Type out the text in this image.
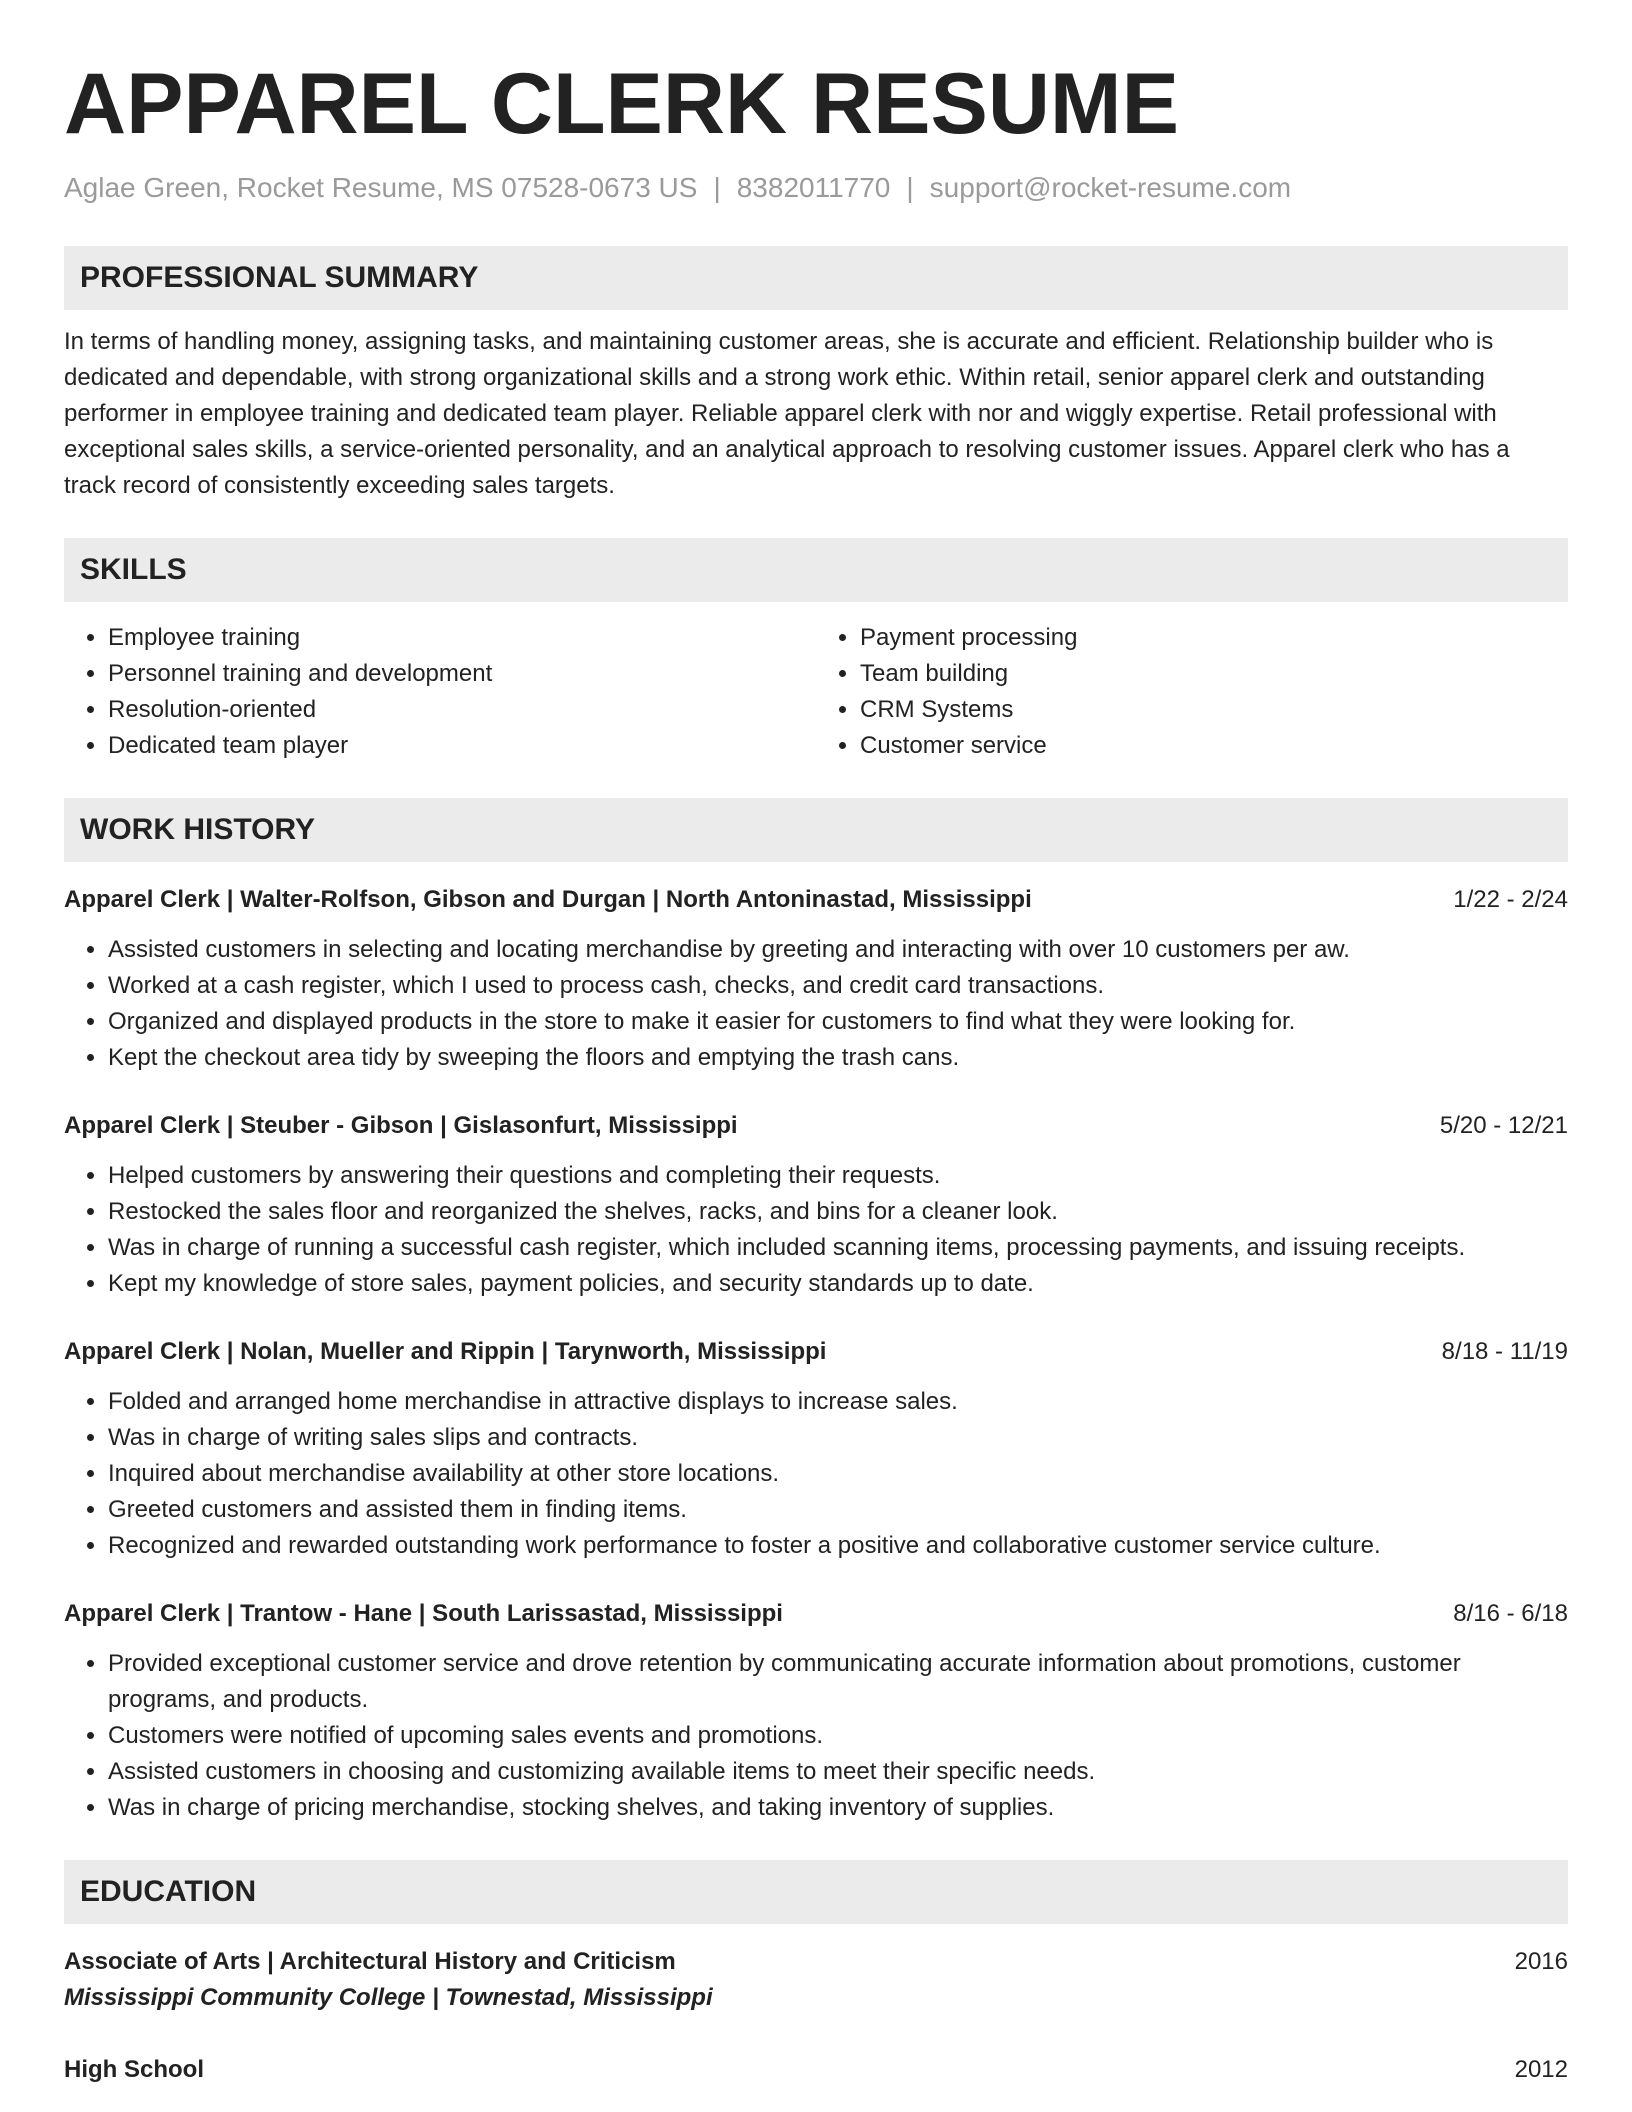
APPAREL CLERK RESUME
Aglae Green, Rocket Resume, MS 07528-0673 US | 8382011770 | support@rocket-resume.com
PROFESSIONAL SUMMARY
In terms of handling money, assigning tasks, and maintaining customer areas, she is accurate and efficient. Relationship builder who is dedicated and dependable, with strong organizational skills and a strong work ethic. Within retail, senior apparel clerk and outstanding performer in employee training and dedicated team player. Reliable apparel clerk with nor and wiggly expertise. Retail professional with exceptional sales skills, a service-oriented personality, and an analytical approach to resolving customer issues. Apparel clerk who has a track record of consistently exceeding sales targets.
SKILLS
• Employee training
• Personnel training and development
• Resolution-oriented
• Dedicated team player
• Payment processing
• Team building
• CRM Systems
• Customer service
WORK HISTORY
Apparel Clerk | Walter-Rolfson, Gibson and Durgan | North Antoninastad, Mississippi	1/22 - 2/24
• Assisted customers in selecting and locating merchandise by greeting and interacting with over 10 customers per aw.
• Worked at a cash register, which I used to process cash, checks, and credit card transactions.
• Organized and displayed products in the store to make it easier for customers to find what they were looking for.
• Kept the checkout area tidy by sweeping the floors and emptying the trash cans.
Apparel Clerk | Steuber - Gibson | Gislasonfurt, Mississippi	5/20 - 12/21
• Helped customers by answering their questions and completing their requests.
• Restocked the sales floor and reorganized the shelves, racks, and bins for a cleaner look.
• Was in charge of running a successful cash register, which included scanning items, processing payments, and issuing receipts.
• Kept my knowledge of store sales, payment policies, and security standards up to date.
Apparel Clerk | Nolan, Mueller and Rippin | Tarynworth, Mississippi	8/18 - 11/19
• Folded and arranged home merchandise in attractive displays to increase sales.
• Was in charge of writing sales slips and contracts.
• Inquired about merchandise availability at other store locations.
• Greeted customers and assisted them in finding items.
• Recognized and rewarded outstanding work performance to foster a positive and collaborative customer service culture.
Apparel Clerk | Trantow - Hane | South Larissastad, Mississippi	8/16 - 6/18
• Provided exceptional customer service and drove retention by communicating accurate information about promotions, customer programs, and products.
• Customers were notified of upcoming sales events and promotions.
• Assisted customers in choosing and customizing available items to meet their specific needs.
• Was in charge of pricing merchandise, stocking shelves, and taking inventory of supplies.
EDUCATION
Associate of Arts | Architectural History and Criticism	2016
Mississippi Community College | Townestad, Mississippi
High School	2012
